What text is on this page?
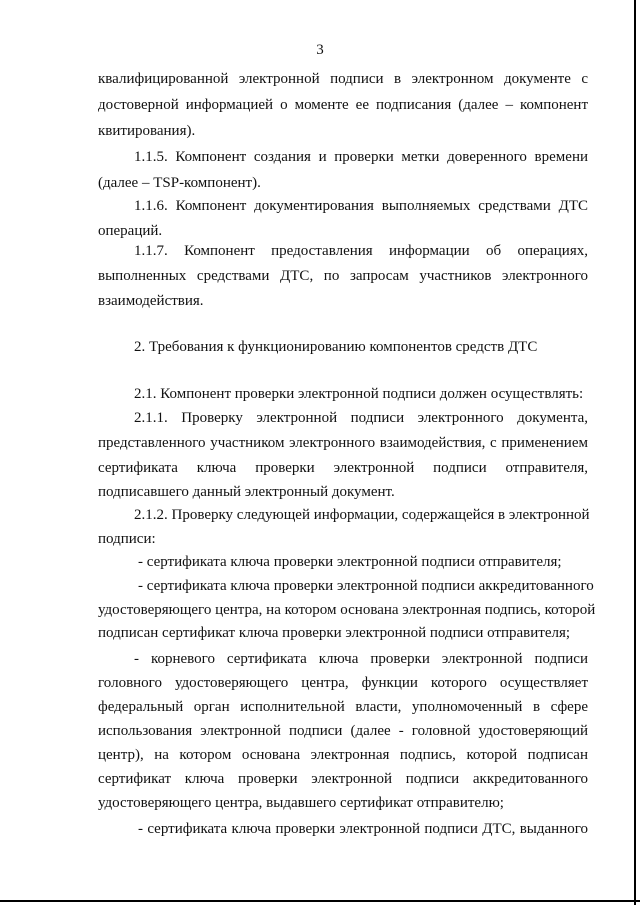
3
квалифицированной электронной подписи в электронном документе с
достоверной информацией о моменте ее подписания (далее – компонент
квитирования).
1.1.5. Компонент создания и проверки метки доверенного времени
(далее – TSP-компонент).
1.1.6. Компонент документирования выполняемых средствами ДТС
операций.
1.1.7. Компонент предоставления информации об операциях,
выполненных средствами ДТС, по запросам участников электронного
взаимодействия.
2. Требования к функционированию компонентов средств ДТС
2.1. Компонент проверки электронной подписи должен осуществлять:
2.1.1. Проверку электронной подписи электронного документа,
представленного участником электронного взаимодействия, с применением
сертификата ключа проверки электронной подписи отправителя,
подписавшего данный электронный документ.
2.1.2. Проверку следующей информации, содержащейся в электронной
подписи:
- сертификата ключа проверки электронной подписи отправителя;
- сертификата ключа проверки электронной подписи аккредитованного
удостоверяющего центра, на котором основана электронная подпись, которой
подписан сертификат ключа проверки электронной подписи отправителя;
- корневого сертификата ключа проверки электронной подписи
головного удостоверяющего центра, функции которого осуществляет
федеральный орган исполнительной власти, уполномоченный в сфере
использования электронной подписи (далее - головной удостоверяющий
центр), на котором основана электронная подпись, которой подписан
сертификат ключа проверки электронной подписи аккредитованного
удостоверяющего центра, выдавшего сертификат отправителю;
- сертификата ключа проверки электронной подписи ДТС, выданного
